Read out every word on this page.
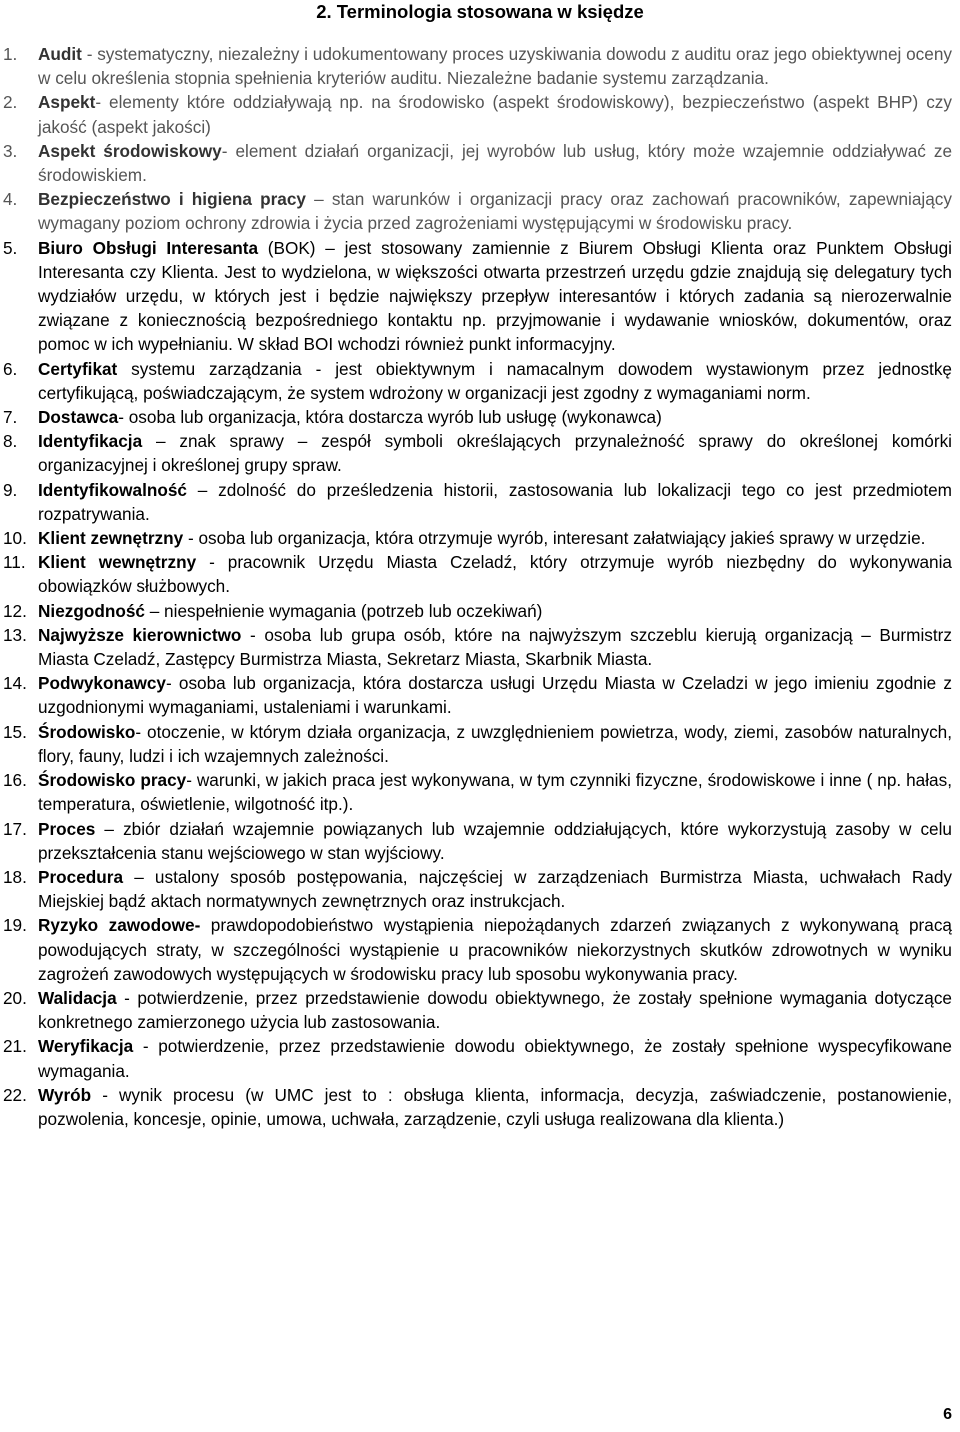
2. Terminologia stosowana w księdze
1. Audit - systematyczny, niezależny i udokumentowany proces uzyskiwania dowodu z auditu oraz jego obiektywnej oceny w celu określenia stopnia spełnienia kryteriów auditu. Niezależne badanie systemu zarządzania.
2. Aspekt- elementy które oddziaływają np. na środowisko (aspekt środowiskowy), bezpieczeństwo (aspekt BHP) czy jakość (aspekt jakości)
3. Aspekt środowiskowy- element działań organizacji, jej wyrobów lub usług, który może wzajemnie oddziaływać ze środowiskiem.
4. Bezpieczeństwo i higiena pracy – stan warunków i organizacji pracy oraz zachowań pracowników, zapewniający wymagany poziom ochrony zdrowia i życia przed zagrożeniami występującymi w środowisku pracy.
5. Biuro Obsługi Interesanta (BOK) – jest stosowany zamiennie z Biurem Obsługi Klienta oraz Punktem Obsługi Interesanta czy Klienta. Jest to wydzielona, w większości otwarta przestrzeń urzędu gdzie znajdują się delegatury tych wydziałów urzędu, w których jest i będzie największy przepływ interesantów i których zadania są nierozerwalnie związane z koniecznością bezpośredniego kontaktu np. przyjmowanie i wydawanie wniosków, dokumentów, oraz pomoc w ich wypełnianiu. W skład BOI wchodzi również punkt informacyjny.
6. Certyfikat systemu zarządzania - jest obiektywnym i namacalnym dowodem wystawionym przez jednostkę certyfikującą, poświadczającym, że system wdrożony w organizacji jest zgodny z wymaganiami norm.
7. Dostawca- osoba lub organizacja, która dostarcza wyrób lub usługę (wykonawca)
8. Identyfikacja – znak sprawy – zespół symboli określających przynależność sprawy do określonej komórki organizacyjnej i określonej grupy spraw.
9. Identyfikowalność – zdolność do prześledzenia historii, zastosowania lub lokalizacji tego co jest przedmiotem rozpatrywania.
10. Klient zewnętrzny - osoba lub organizacja, która otrzymuje wyrób, interesant załatwiający jakieś sprawy w urzędzie.
11. Klient wewnętrzny - pracownik Urzędu Miasta Czeladź, który otrzymuje wyrób niezbędny do wykonywania obowiązków służbowych.
12. Niezgodność – niespełnienie wymagania (potrzeb lub oczekiwań)
13. Najwyższe kierownictwo - osoba lub grupa osób, które na najwyższym szczeblu kierują organizacją – Burmistrz Miasta Czeladź, Zastępcy Burmistrza Miasta, Sekretarz Miasta, Skarbnik Miasta.
14. Podwykonawcy- osoba lub organizacja, która dostarcza usługi Urzędu Miasta w Czeladzi w jego imieniu zgodnie z uzgodnionymi wymaganiami, ustaleniami i warunkami.
15. Środowisko- otoczenie, w którym działa organizacja, z uwzględnieniem powietrza, wody, ziemi, zasobów naturalnych, flory, fauny, ludzi i ich wzajemnych zależności.
16. Środowisko pracy- warunki, w jakich praca jest wykonywana, w tym czynniki fizyczne, środowiskowe i inne ( np. hałas, temperatura, oświetlenie, wilgotność itp.).
17. Proces – zbiór działań wzajemnie powiązanych lub wzajemnie oddziałujących, które wykorzystują zasoby w celu przekształcenia stanu wejściowego w stan wyjściowy.
18. Procedura – ustalony sposób postępowania, najczęściej w zarządzeniach Burmistrza Miasta, uchwałach Rady Miejskiej bądź aktach normatywnych zewnętrznych oraz instrukcjach.
19. Ryzyko zawodowe- prawdopodobieństwo wystąpienia niepożądanych zdarzeń związanych z wykonywaną pracą powodujących straty, w szczególności wystąpienie u pracowników niekorzystnych skutków zdrowotnych w wyniku zagrożeń zawodowych występujących w środowisku pracy lub sposobu wykonywania pracy.
20. Walidacja - potwierdzenie, przez przedstawienie dowodu obiektywnego, że zostały spełnione wymagania dotyczące konkretnego zamierzonego użycia lub zastosowania.
21. Weryfikacja - potwierdzenie, przez przedstawienie dowodu obiektywnego, że zostały spełnione wyspecyfikowane wymagania.
22. Wyrób - wynik procesu (w UMC jest to : obsługa klienta, informacja, decyzja, zaświadczenie, postanowienie, pozwolenia, koncesje, opinie, umowa, uchwała, zarządzenie, czyli usługa realizowana dla klienta.)
6
